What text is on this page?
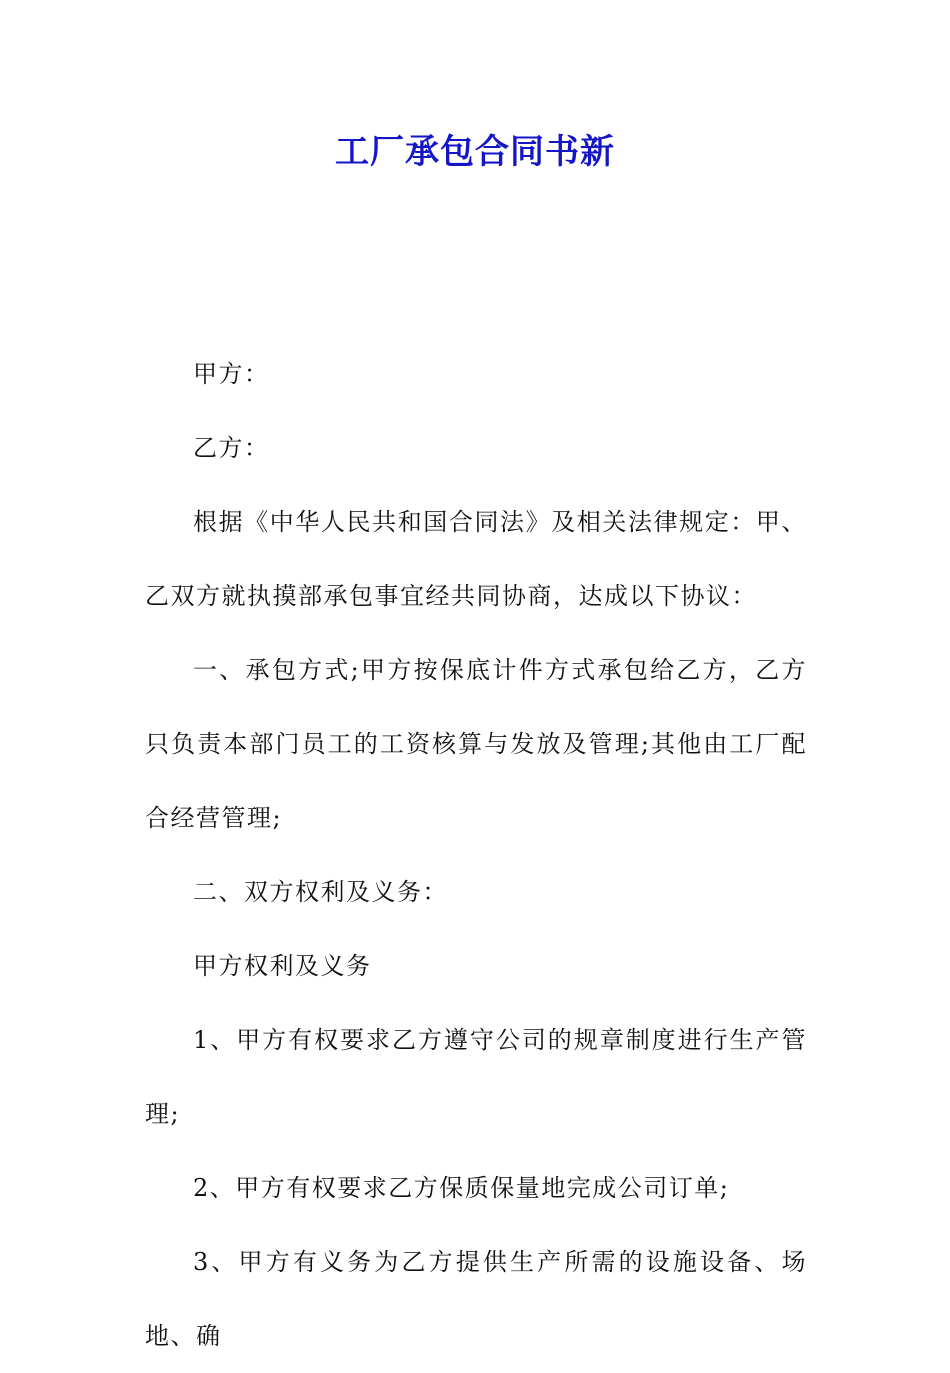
工厂承包合同书新

甲方：

乙方：

根据《中华人民共和国合同法》及相关法律规定：甲、乙双方就执摸部承包事宜经共同协商，达成以下协议：

一、承包方式;甲方按保底计件方式承包给乙方，乙方只负责本部门员工的工资核算与发放及管理;其他由工厂配合经营管理;

二、双方权利及义务：

甲方权利及义务

1、甲方有权要求乙方遵守公司的规章制度进行生产管理;

2、甲方有权要求乙方保质保量地完成公司订单;

3、甲方有义务为乙方提供生产所需的设施设备、场地、确
